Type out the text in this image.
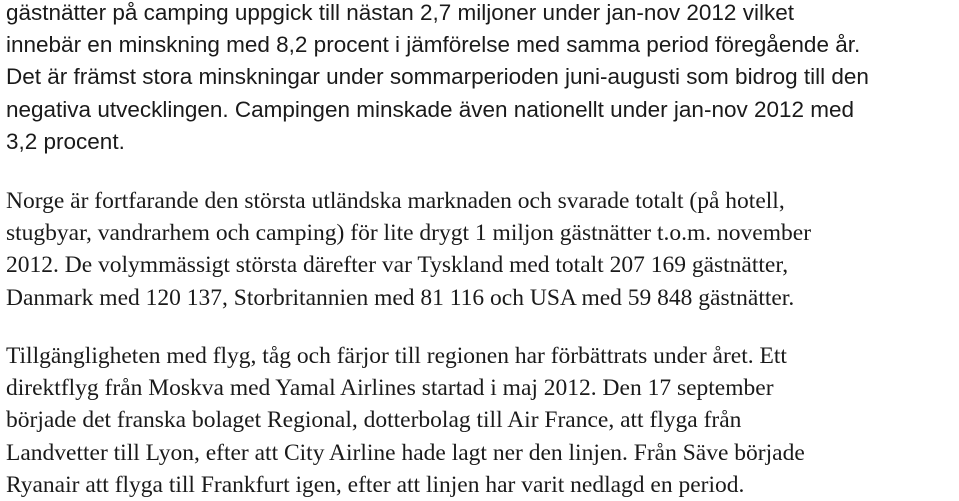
gästnätter på camping uppgick till nästan 2,7 miljoner under jan-nov 2012 vilket
innebär en minskning med 8,2 procent i jämförelse med samma period föregående år.
Det är främst stora minskningar under sommarperioden juni-augusti som bidrog till den
negativa utvecklingen. Campingen minskade även nationellt under jan-nov 2012 med
3,2 procent.
Norge är fortfarande den största utländska marknaden och svarade totalt (på hotell,
stugbyar, vandrarhem och camping) för lite drygt 1 miljon gästnätter t.o.m. november
2012. De volymmässigt största därefter var Tyskland med totalt 207 169 gästnätter,
Danmark med 120 137, Storbritannien med 81 116 och USA med 59 848 gästnätter.
Tillgängligheten med flyg, tåg och färjor till regionen har förbättrats under året. Ett
direktflyg från Moskva med Yamal Airlines startad i maj 2012. Den 17 september
började det franska bolaget Regional, dotterbolag till Air France, att flyga från
Landvetter till Lyon, efter att City Airline hade lagt ner den linjen. Från Säve började
Ryanair att flyga till Frankfurt igen, efter att linjen har varit nedlagd en period.
